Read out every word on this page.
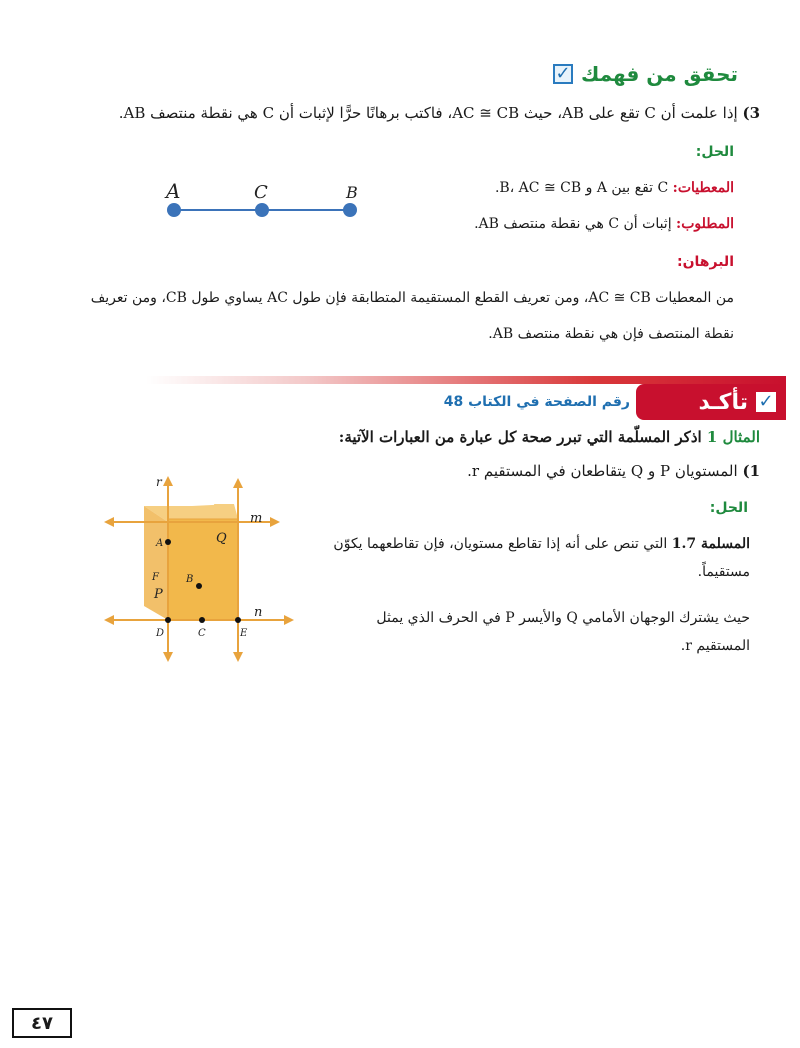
✓ تحقق من فهمك
3) إذا علمت أن C تقع على AB، حيث AC ≅ CB، فاكتب برهانًا حرًّا لإثبات أن C هي نقطة منتصف AB.
الحل:
المعطيات: C تقع بين A و B، AC ≅ CB.
المطلوب: إثبات أن C هي نقطة منتصف AB.
A	C	B
البرهان:
من المعطيات AC ≅ CB، ومن تعريف القطع المستقيمة المتطابقة فإن طول AC يساوي طول CB، ومن تعريف
نقطة المنتصف فإن هي نقطة منتصف AB.
تأكـد ✓
رقم الصفحة في الكتاب 48
المثال 1 اذكر المسلّمة التي تبرر صحة كل عبارة من العبارات الآتية:
1) المستويان P و Q يتقاطعان في المستقيم r.
الحل:
المسلمة 1.7 التي تنص على أنه إذا تقاطع مستويان، فإن تقاطعهما يكوّن مستقيماً.
حيث يشترك الوجهان الأمامي Q والأيسر P في الحرف الذي يمثل المستقيم r.
r
m
n
Q
P
A
B
C
D	E
F
٤٧
